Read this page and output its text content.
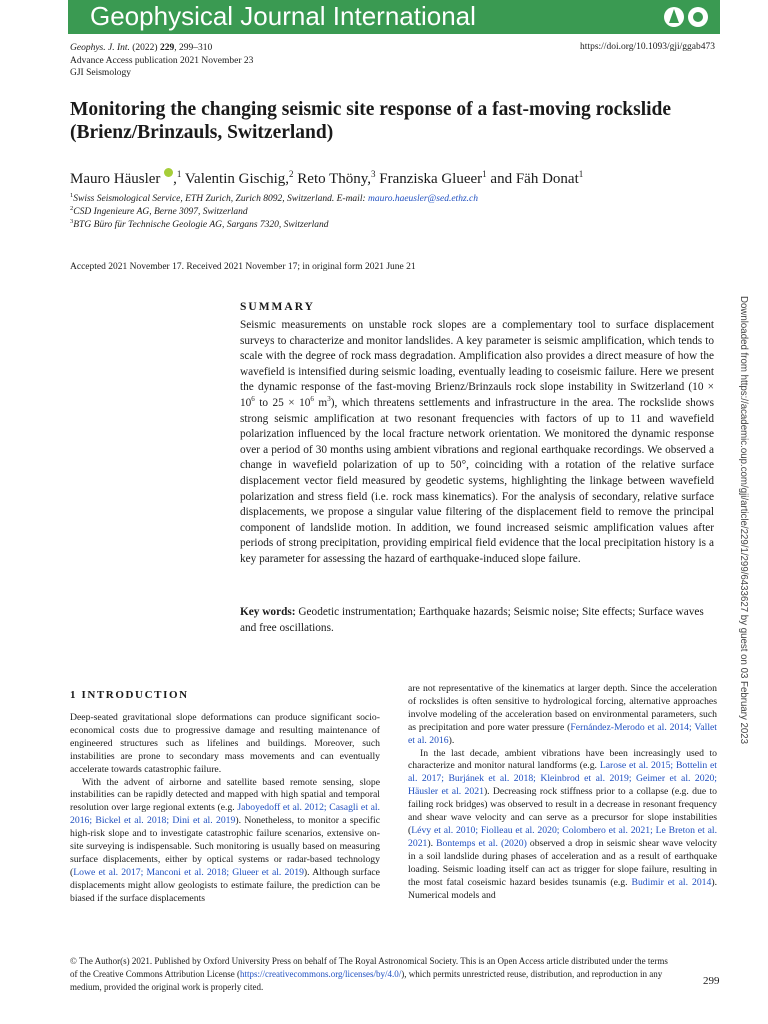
Geophysical Journal International
Geophys. J. Int. (2022) 229, 299–310
Advance Access publication 2021 November 23
GJI Seismology
https://doi.org/10.1093/gji/ggab473
Monitoring the changing seismic site response of a fast-moving rockslide (Brienz/Brinzauls, Switzerland)
Mauro Häusler ,$^1$ Valentin Gischig,$^2$ Reto Thöny,$^3$ Franziska Glueer$^1$ and Fäh Donat$^1$
$^1$Swiss Seismological Service, ETH Zurich, Zurich 8092, Switzerland. E-mail: mauro.haeusler@sed.ethz.ch
$^2$CSD Ingenieure AG, Berne 3097, Switzerland
$^3$BTG Büro für Technische Geologie AG, Sargans 7320, Switzerland
Accepted 2021 November 17. Received 2021 November 17; in original form 2021 June 21
SUMMARY
Seismic measurements on unstable rock slopes are a complementary tool to surface displacement surveys to characterize and monitor landslides. A key parameter is seismic amplification, which tends to scale with the degree of rock mass degradation. Amplification also provides a direct measure of how the wavefield is intensified during seismic loading, eventually leading to coseismic failure. Here we present the dynamic response of the fast-moving Brienz/Brinzauls rock slope instability in Switzerland ($10 \times 10^6$ to $25 \times 10^6$ $m^3$), which threatens settlements and infrastructure in the area. The rockslide shows strong seismic amplification at two resonant frequencies with factors of up to 11 and wavefield polarization influenced by the local fracture network orientation. We monitored the dynamic response over a period of 30 months using ambient vibrations and regional earthquake recordings. We observed a change in wavefield polarization of up to 50°, coinciding with a rotation of the relative surface displacement vector field measured by geodetic systems, highlighting the linkage between wavefield polarization and stress field (i.e. rock mass kinematics). For the analysis of secondary, relative surface displacements, we propose a singular value filtering of the displacement field to remove the principal component of landslide motion. In addition, we found increased seismic amplification values after periods of strong precipitation, providing empirical field evidence that the local precipitation history is a key parameter for assessing the hazard of earthquake-induced slope failure.
Key words: Geodetic instrumentation; Earthquake hazards; Seismic noise; Site effects; Surface waves and free oscillations.
1 INTRODUCTION

Deep-seated gravitational slope deformations can produce significant socio-economical costs due to progressive damage and resulting maintenance of engineered structures such as lifelines and buildings. Moreover, such instabilities are prone to secondary mass movements and can eventually accelerate towards catastrophic failure.

With the advent of airborne and satellite based remote sensing, slope instabilities can be rapidly detected and mapped with high spatial and temporal resolution over large regional extents (e.g. Jaboyedoff et al. 2012; Casagli et al. 2016; Bickel et al. 2018; Dini et al. 2019). Nonetheless, to monitor a specific high-risk slope and to investigate catastrophic failure scenarios, extensive on-site surveying is indispensable. Such monitoring is usually based on measuring surface displacements, either by optical systems or radar-based technology (Lowe et al. 2017; Manconi et al. 2018; Glueer et al. 2019). Although surface displacements might allow geologists to estimate failure, the prediction can be biased if the surface displacements

are not representative of the kinematics at larger depth. Since the acceleration of rockslides is often sensitive to hydrological forcing, alternative approaches involve modeling of the acceleration based on environmental parameters, such as precipitation and pore water pressure (Fernández-Merodo et al. 2014; Vallet et al. 2016).

In the last decade, ambient vibrations have been increasingly used to characterize and monitor natural landforms (e.g. Larose et al. 2015; Bottelin et al. 2017; Burjánek et al. 2018; Kleinbrod et al. 2019; Geimer et al. 2020; Häusler et al. 2021). Decreasing rock stiffness prior to a collapse (e.g. due to failing rock bridges) was observed to result in a decrease in resonant frequency and shear wave velocity and can serve as a precursor for slope instabilities (Lévy et al. 2010; Fiolleau et al. 2020; Colombero et al. 2021; Le Breton et al. 2021). Bontemps et al. (2020) observed a drop in seismic shear wave velocity in a soil landslide during phases of acceleration and as a result of earthquake loading. Seismic loading itself can act as trigger for slope failure, resulting in the most fatal coseismic hazard besides tsunamis (e.g. Budimir et al. 2014). Numerical models and

© The Author(s) 2021. Published by Oxford University Press on behalf of The Royal Astronomical Society. This is an Open Access article distributed under the terms of the Creative Commons Attribution License (https://creativecommons.org/licenses/by/4.0/), which permits unrestricted reuse, distribution, and reproduction in any medium, provided the original work is properly cited.	299
Downloaded from https://academic.oup.com/gji/article/229/1/299/6433627 by guest on 03 February 2023
